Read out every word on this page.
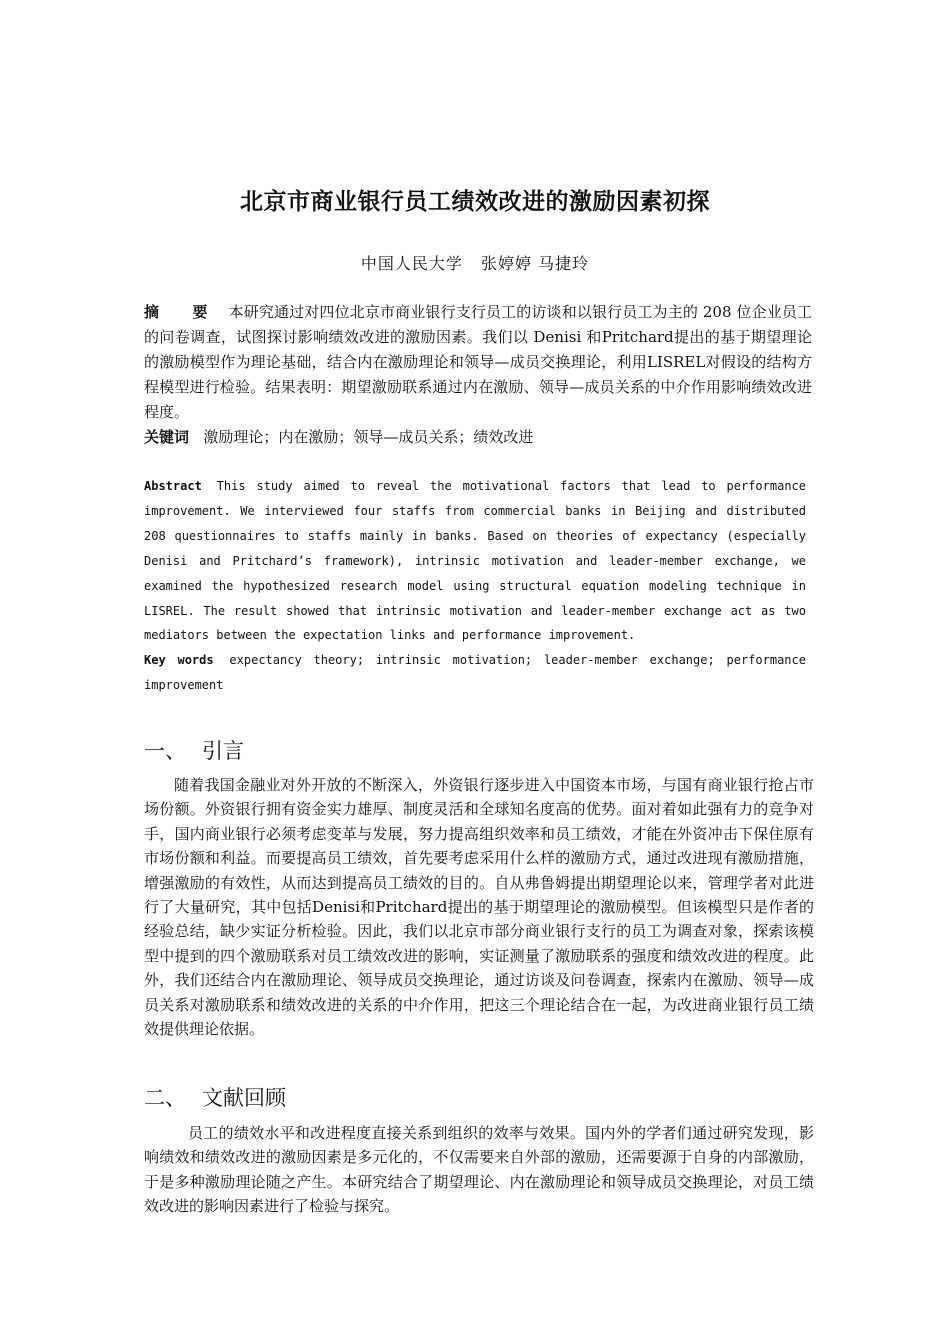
北京市商业银行员工绩效改进的激励因素初探
中国人民大学 张婷婷 马捷玲
摘 要 本研究通过对四位北京市商业银行支行员工的访谈和以银行员工为主的 208 位企业员工的问卷调查，试图探讨影响绩效改进的激励因素。我们以 Denisi 和Pritchard提出的基于期望理论的激励模型作为理论基础，结合内在激励理论和领导—成员交换理论，利用LISREL对假设的结构方程模型进行检验。结果表明：期望激励联系通过内在激励、领导—成员关系的中介作用影响绩效改进程度。
关键词 激励理论；内在激励；领导—成员关系；绩效改进
Abstract This study aimed to reveal the motivational factors that lead to performance improvement. We interviewed four staffs from commercial banks in Beijing and distributed 208 questionnaires to staffs mainly in banks. Based on theories of expectancy (especially Denisi and Pritchard’s framework), intrinsic motivation and leader-member exchange, we examined the hypothesized research model using structural equation modeling technique in LISREL. The result showed that intrinsic motivation and leader-member exchange act as two mediators between the expectation links and performance improvement.
Key words expectancy theory; intrinsic motivation; leader-member exchange; performance improvement
一、 引言
随着我国金融业对外开放的不断深入，外资银行逐步进入中国资本市场，与国有商业银行抢占市场份额。外资银行拥有资金实力雄厚、制度灵活和全球知名度高的优势。面对着如此强有力的竞争对手，国内商业银行必须考虑变革与发展，努力提高组织效率和员工绩效，才能在外资冲击下保住原有市场份额和利益。而要提高员工绩效，首先要考虑采用什么样的激励方式，通过改进现有激励措施，增强激励的有效性，从而达到提高员工绩效的目的。自从弗鲁姆提出期望理论以来，管理学者对此进行了大量研究，其中包括Denisi和Pritchard提出的基于期望理论的激励模型。但该模型只是作者的经验总结，缺少实证分析检验。因此，我们以北京市部分商业银行支行的员工为调查对象，探索该模型中提到的四个激励联系对员工绩效改进的影响，实证测量了激励联系的强度和绩效改进的程度。此外，我们还结合内在激励理论、领导成员交换理论，通过访谈及问卷调查，探索内在激励、领导—成员关系对激励联系和绩效改进的关系的中介作用，把这三个理论结合在一起，为改进商业银行员工绩效提供理论依据。
二、 文献回顾
员工的绩效水平和改进程度直接关系到组织的效率与效果。国内外的学者们通过研究发现，影响绩效和绩效改进的激励因素是多元化的，不仅需要来自外部的激励，还需要源于自身的内部激励，于是多种激励理论随之产生。本研究结合了期望理论、内在激励理论和领导成员交换理论，对员工绩效改进的影响因素进行了检验与探究。
